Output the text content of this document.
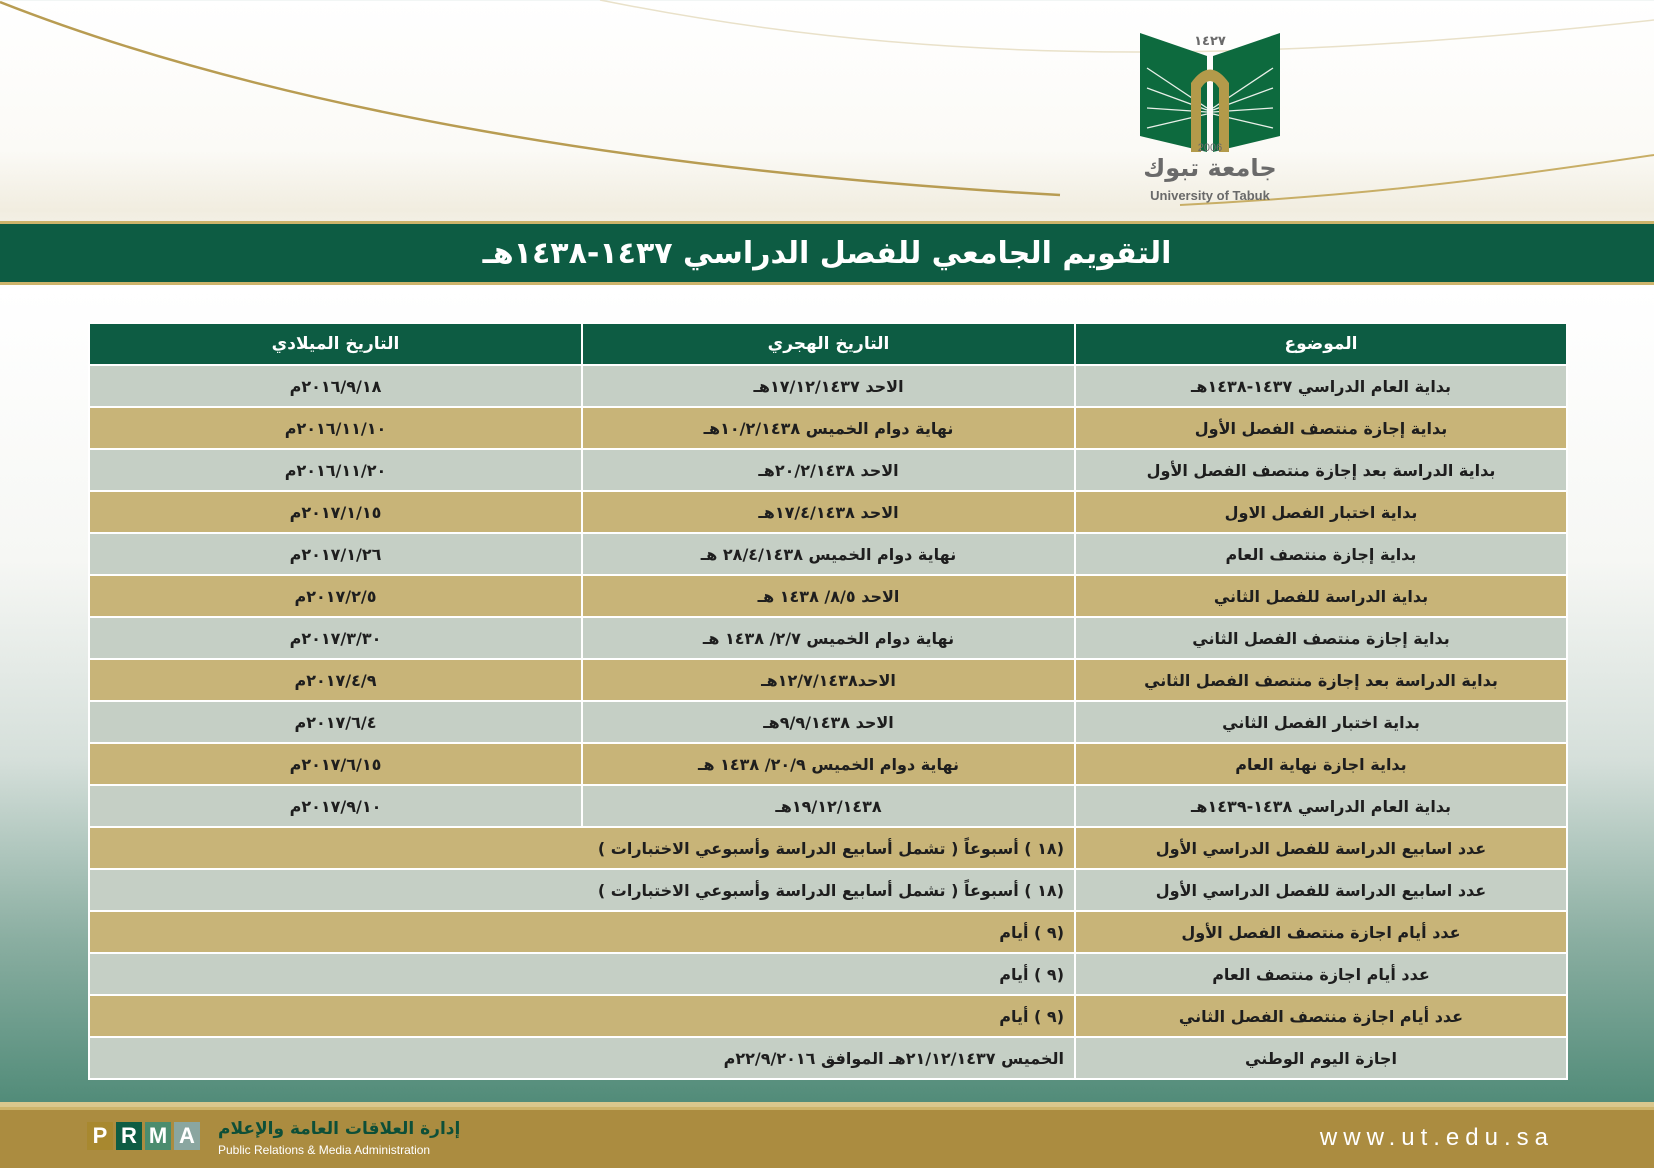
١٤٢٧
2006
جامعة تبوك
University of Tabuk
التقويم الجامعي للفصل الدراسي ١٤٣٧-١٤٣٨هـ
الموضوع	التاريخ الهجري	التاريخ الميلادي
بداية العام الدراسي ١٤٣٧-١٤٣٨هـ	الاحد ١٧/١٢/١٤٣٧هـ	٢٠١٦/٩/١٨م
بداية إجازة منتصف الفصل الأول	نهاية دوام الخميس ١٠/٢/١٤٣٨هـ	٢٠١٦/١١/١٠م
بداية الدراسة بعد إجازة منتصف الفصل الأول	الاحد ٢٠/٢/١٤٣٨هـ	٢٠١٦/١١/٢٠م
بداية اختبار الفصل الاول	الاحد ١٧/٤/١٤٣٨هـ	٢٠١٧/١/١٥م
بداية إجازة منتصف العام	نهاية دوام الخميس ٢٨/٤/١٤٣٨ هـ	٢٠١٧/١/٢٦م
بداية الدراسة للفصل الثاني	الاحد ٨/٥/ ١٤٣٨ هـ	٢٠١٧/٢/٥م
بداية إجازة منتصف الفصل الثاني	نهاية دوام الخميس ٢/٧/ ١٤٣٨ هـ	٢٠١٧/٣/٣٠م
بداية الدراسة بعد إجازة منتصف الفصل الثاني	الاحد١٢/٧/١٤٣٨هـ	٢٠١٧/٤/٩م
بداية اختبار الفصل الثاني	الاحد ٩/٩/١٤٣٨هـ	٢٠١٧/٦/٤م
بداية اجازة نهاية العام	نهاية دوام الخميس ٢٠/٩/ ١٤٣٨ هـ	٢٠١٧/٦/١٥م
بداية العام الدراسي ١٤٣٨-١٤٣٩هـ	١٩/١٢/١٤٣٨هـ	٢٠١٧/٩/١٠م
عدد اسابيع الدراسة للفصل الدراسي الأول	(١٨ ) أسبوعاً ( تشمل أسابيع الدراسة وأسبوعي الاختبارات )	
عدد اسابيع الدراسة للفصل الدراسي الأول	(١٨ ) أسبوعاً ( تشمل أسابيع الدراسة وأسبوعي الاختبارات )	
عدد أيام اجازة منتصف الفصل الأول	(٩ ) أيام	
عدد أيام اجازة منتصف العام	(٩ ) أيام	
عدد أيام اجازة منتصف الفصل الثاني	(٩ ) أيام	
اجازة اليوم الوطني	الخميس ٢١/١٢/١٤٣٧هـ الموافق ٢٢/٩/٢٠١٦م	
P R M A إدارة العلاقات العامة والإعلام
Public Relations & Media Administration	www.ut.edu.sa
